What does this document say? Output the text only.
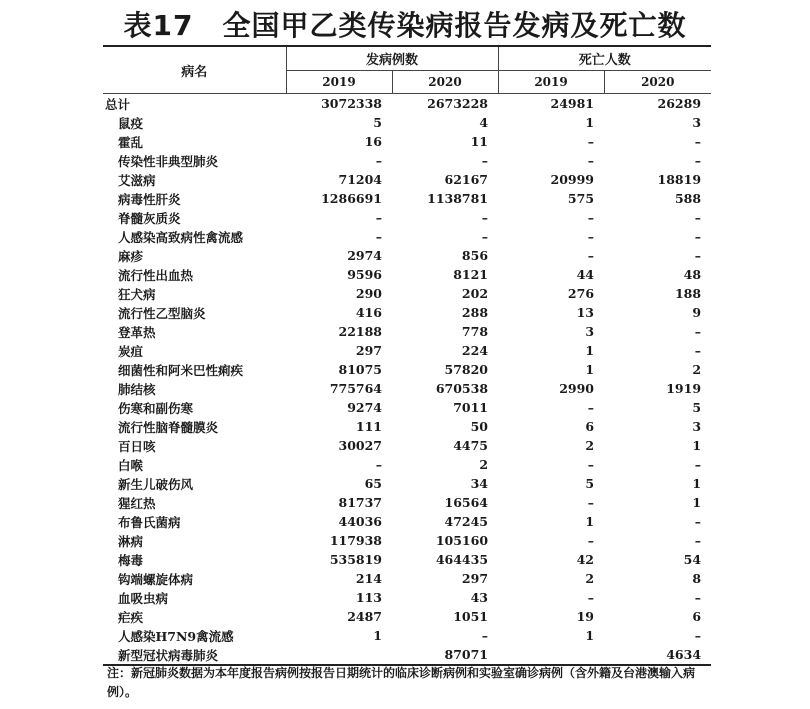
表17　全国甲乙类传染病报告发病及死亡数
病名	发病例数		死亡人数	
	2019	2020	2019	2020
总计	3072338	2673228	24981	26289
鼠疫	5	4	1	3
霍乱	16	11	–	–
传染性非典型肺炎	–	–	–	–
艾滋病	71204	62167	20999	18819
病毒性肝炎	1286691	1138781	575	588
脊髓灰质炎	–	–	–	–
人感染高致病性禽流感	–	–	–	–
麻疹	2974	856	–	–
流行性出血热	9596	8121	44	48
狂犬病	290	202	276	188
流行性乙型脑炎	416	288	13	9
登革热	22188	778	3	–
炭疽	297	224	1	–
细菌性和阿米巴性痢疾	81075	57820	1	2
肺结核	775764	670538	2990	1919
伤寒和副伤寒	9274	7011	–	5
流行性脑脊髓膜炎	111	50	6	3
百日咳	30027	4475	2	1
白喉	–	2	–	–
新生儿破伤风	65	34	5	1
猩红热	81737	16564	–	1
布鲁氏菌病	44036	47245	1	–
淋病	117938	105160	–	–
梅毒	535819	464435	42	54
钩端螺旋体病	214	297	2	8
血吸虫病	113	43	–	–
疟疾	2487	1051	19	6
人感染H7N9禽流感	1	–	1	–
新型冠状病毒肺炎		87071		4634
注：新冠肺炎数据为本年度报告病例按报告日期统计的临床诊断病例和实验室确诊病例（含外籍及台港澳输入病例）。
